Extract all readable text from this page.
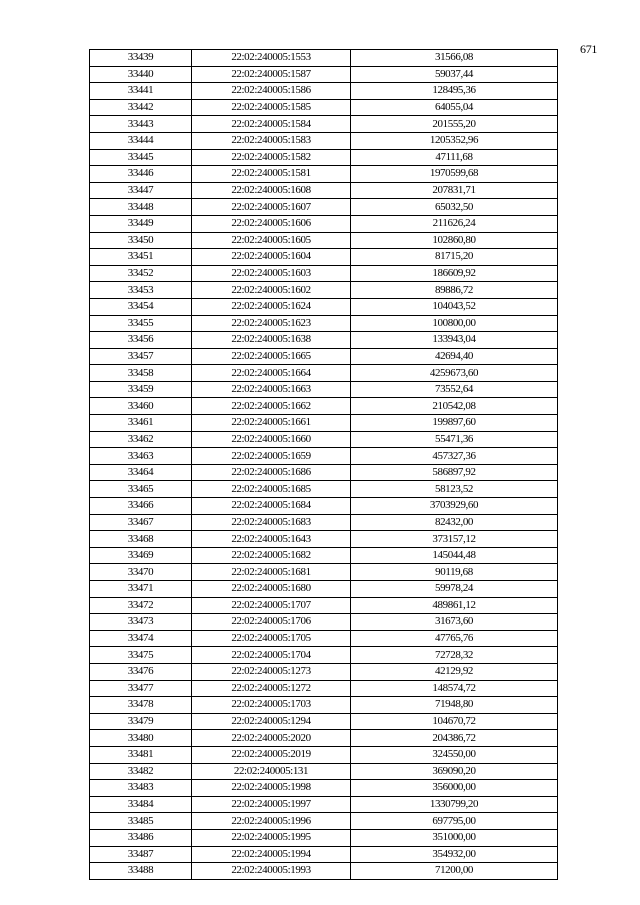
671
33439	22:02:240005:1553	31566,08
33440	22:02:240005:1587	59037,44
33441	22:02:240005:1586	128495,36
33442	22:02:240005:1585	64055,04
33443	22:02:240005:1584	201555,20
33444	22:02:240005:1583	1205352,96
33445	22:02:240005:1582	47111,68
33446	22:02:240005:1581	1970599,68
33447	22:02:240005:1608	207831,71
33448	22:02:240005:1607	65032,50
33449	22:02:240005:1606	211626,24
33450	22:02:240005:1605	102860,80
33451	22:02:240005:1604	81715,20
33452	22:02:240005:1603	186609,92
33453	22:02:240005:1602	89886,72
33454	22:02:240005:1624	104043,52
33455	22:02:240005:1623	100800,00
33456	22:02:240005:1638	133943,04
33457	22:02:240005:1665	42694,40
33458	22:02:240005:1664	4259673,60
33459	22:02:240005:1663	73552,64
33460	22:02:240005:1662	210542,08
33461	22:02:240005:1661	199897,60
33462	22:02:240005:1660	55471,36
33463	22:02:240005:1659	457327,36
33464	22:02:240005:1686	586897,92
33465	22:02:240005:1685	58123,52
33466	22:02:240005:1684	3703929,60
33467	22:02:240005:1683	82432,00
33468	22:02:240005:1643	373157,12
33469	22:02:240005:1682	145044,48
33470	22:02:240005:1681	90119,68
33471	22:02:240005:1680	59978,24
33472	22:02:240005:1707	489861,12
33473	22:02:240005:1706	31673,60
33474	22:02:240005:1705	47765,76
33475	22:02:240005:1704	72728,32
33476	22:02:240005:1273	42129,92
33477	22:02:240005:1272	148574,72
33478	22:02:240005:1703	71948,80
33479	22:02:240005:1294	104670,72
33480	22:02:240005:2020	204386,72
33481	22:02:240005:2019	324550,00
33482	22:02:240005:131	369090,20
33483	22:02:240005:1998	356000,00
33484	22:02:240005:1997	1330799,20
33485	22:02:240005:1996	697795,00
33486	22:02:240005:1995	351000,00
33487	22:02:240005:1994	354932,00
33488	22:02:240005:1993	71200,00
